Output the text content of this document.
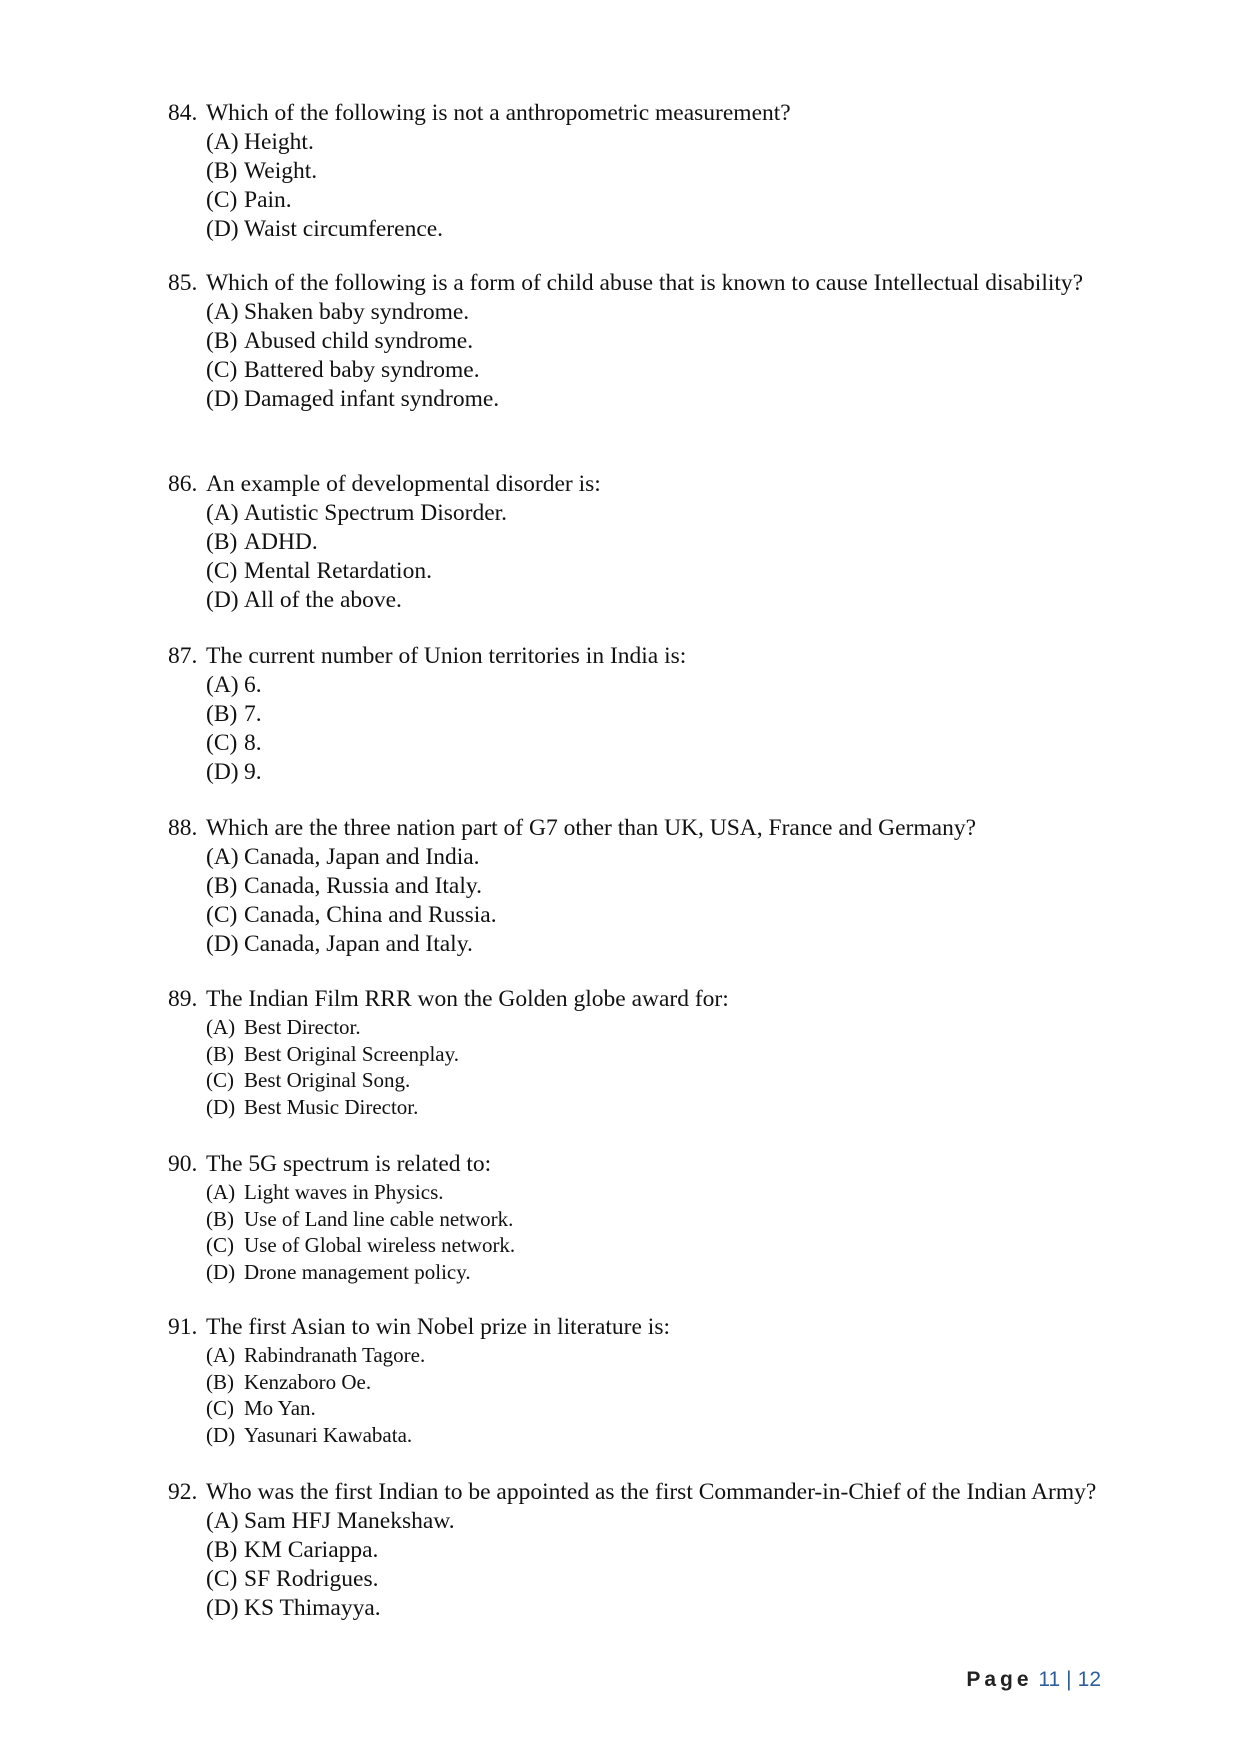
84. Which of the following is not a anthropometric measurement?
(A) Height.
(B) Weight.
(C) Pain.
(D) Waist circumference.
85. Which of the following is a form of child abuse that is known to cause Intellectual disability?
(A) Shaken baby syndrome.
(B) Abused child syndrome.
(C) Battered baby syndrome.
(D) Damaged infant syndrome.
86. An example of developmental disorder is:
(A) Autistic Spectrum Disorder.
(B) ADHD.
(C) Mental Retardation.
(D) All of the above.
87. The current number of Union territories in India is:
(A) 6.
(B) 7.
(C) 8.
(D) 9.
88. Which are the three nation part of G7 other than UK, USA, France and Germany?
(A) Canada, Japan and India.
(B) Canada, Russia and Italy.
(C) Canada, China and Russia.
(D) Canada, Japan and Italy.
89. The Indian Film RRR won the Golden globe award for:
(A) Best Director.
(B) Best Original Screenplay.
(C) Best Original Song.
(D) Best Music Director.
90. The 5G spectrum is related to:
(A) Light waves in Physics.
(B) Use of Land line cable network.
(C) Use of Global wireless network.
(D) Drone management policy.
91. The first Asian to win Nobel prize in literature is:
(A) Rabindranath Tagore.
(B) Kenzaboro Oe.
(C) Mo Yan.
(D) Yasunari Kawabata.
92. Who was the first Indian to be appointed as the first Commander-in-Chief of the Indian Army?
(A) Sam HFJ Manekshaw.
(B) KM Cariappa.
(C) SF Rodrigues.
(D) KS Thimayya.
Page 11 | 12
